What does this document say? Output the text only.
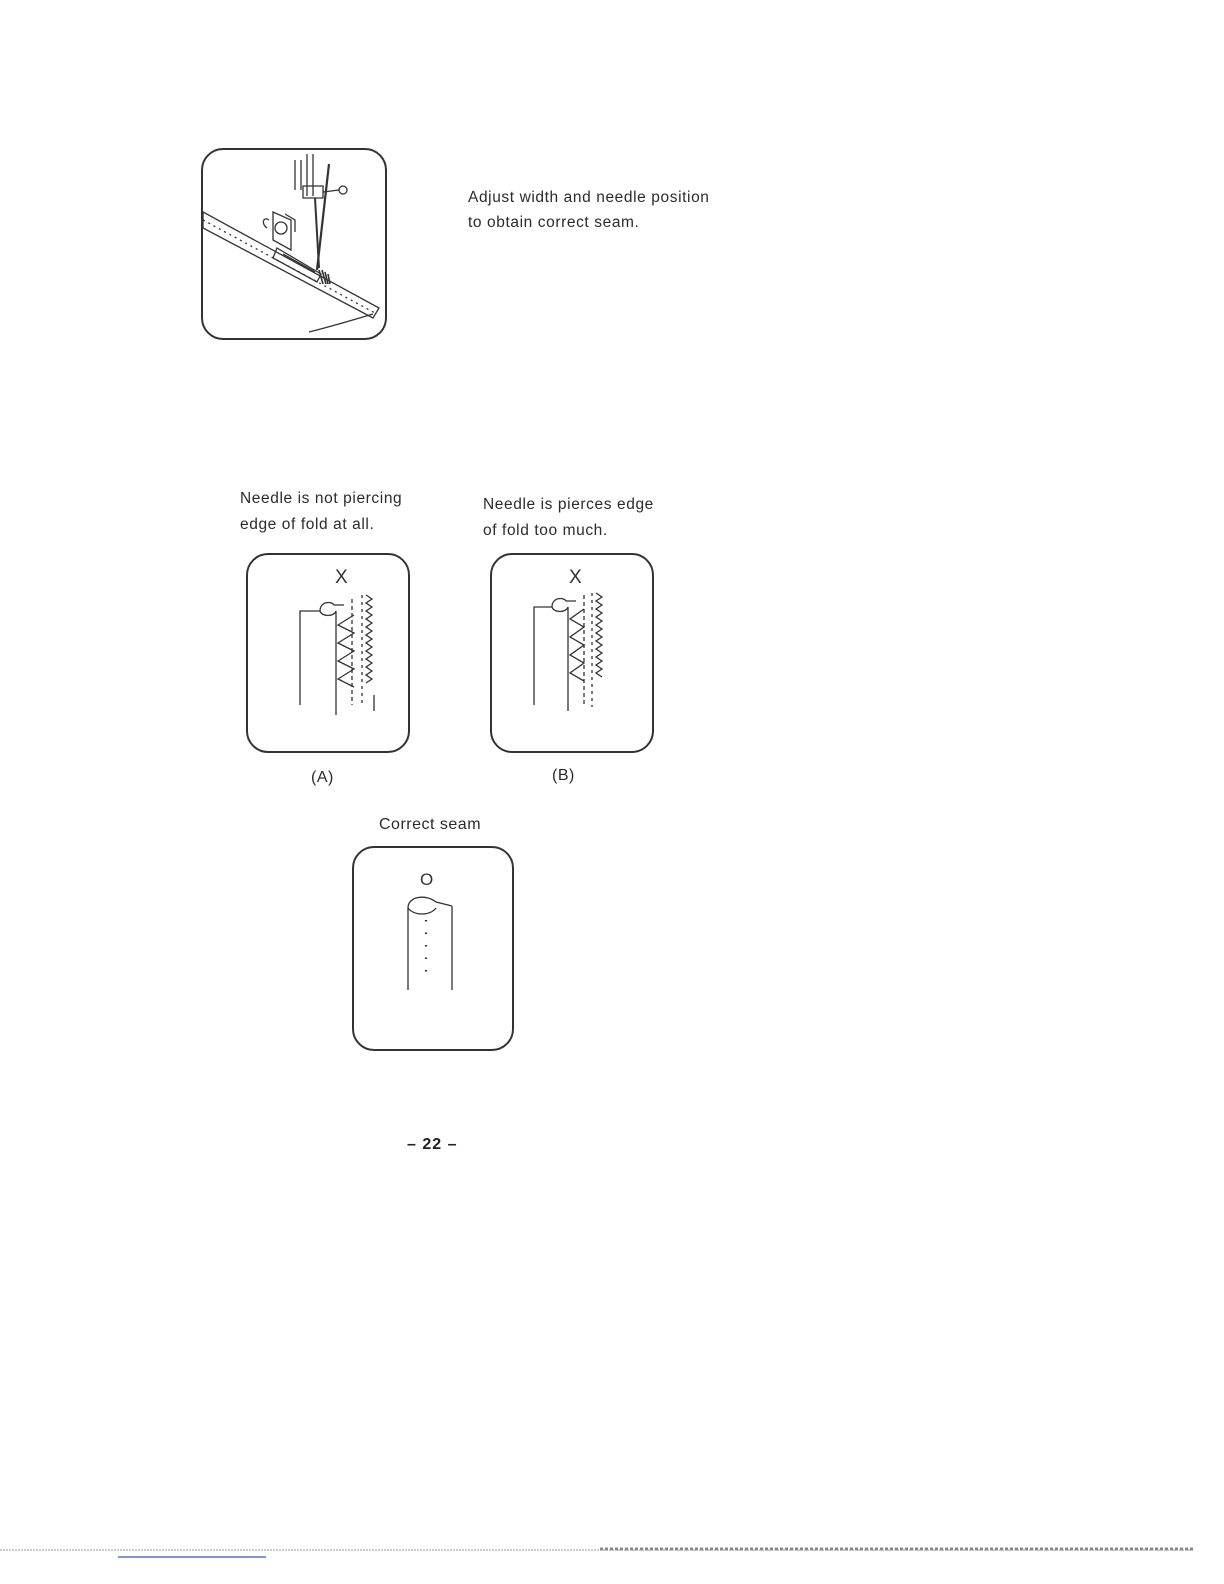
Adjust width and needle position
to obtain correct seam.
Needle is not piercing
edge of fold at all.
X
(A)
Needle is pierces edge
of fold too much.
X
(B)
Correct seam
O
– 22 –
